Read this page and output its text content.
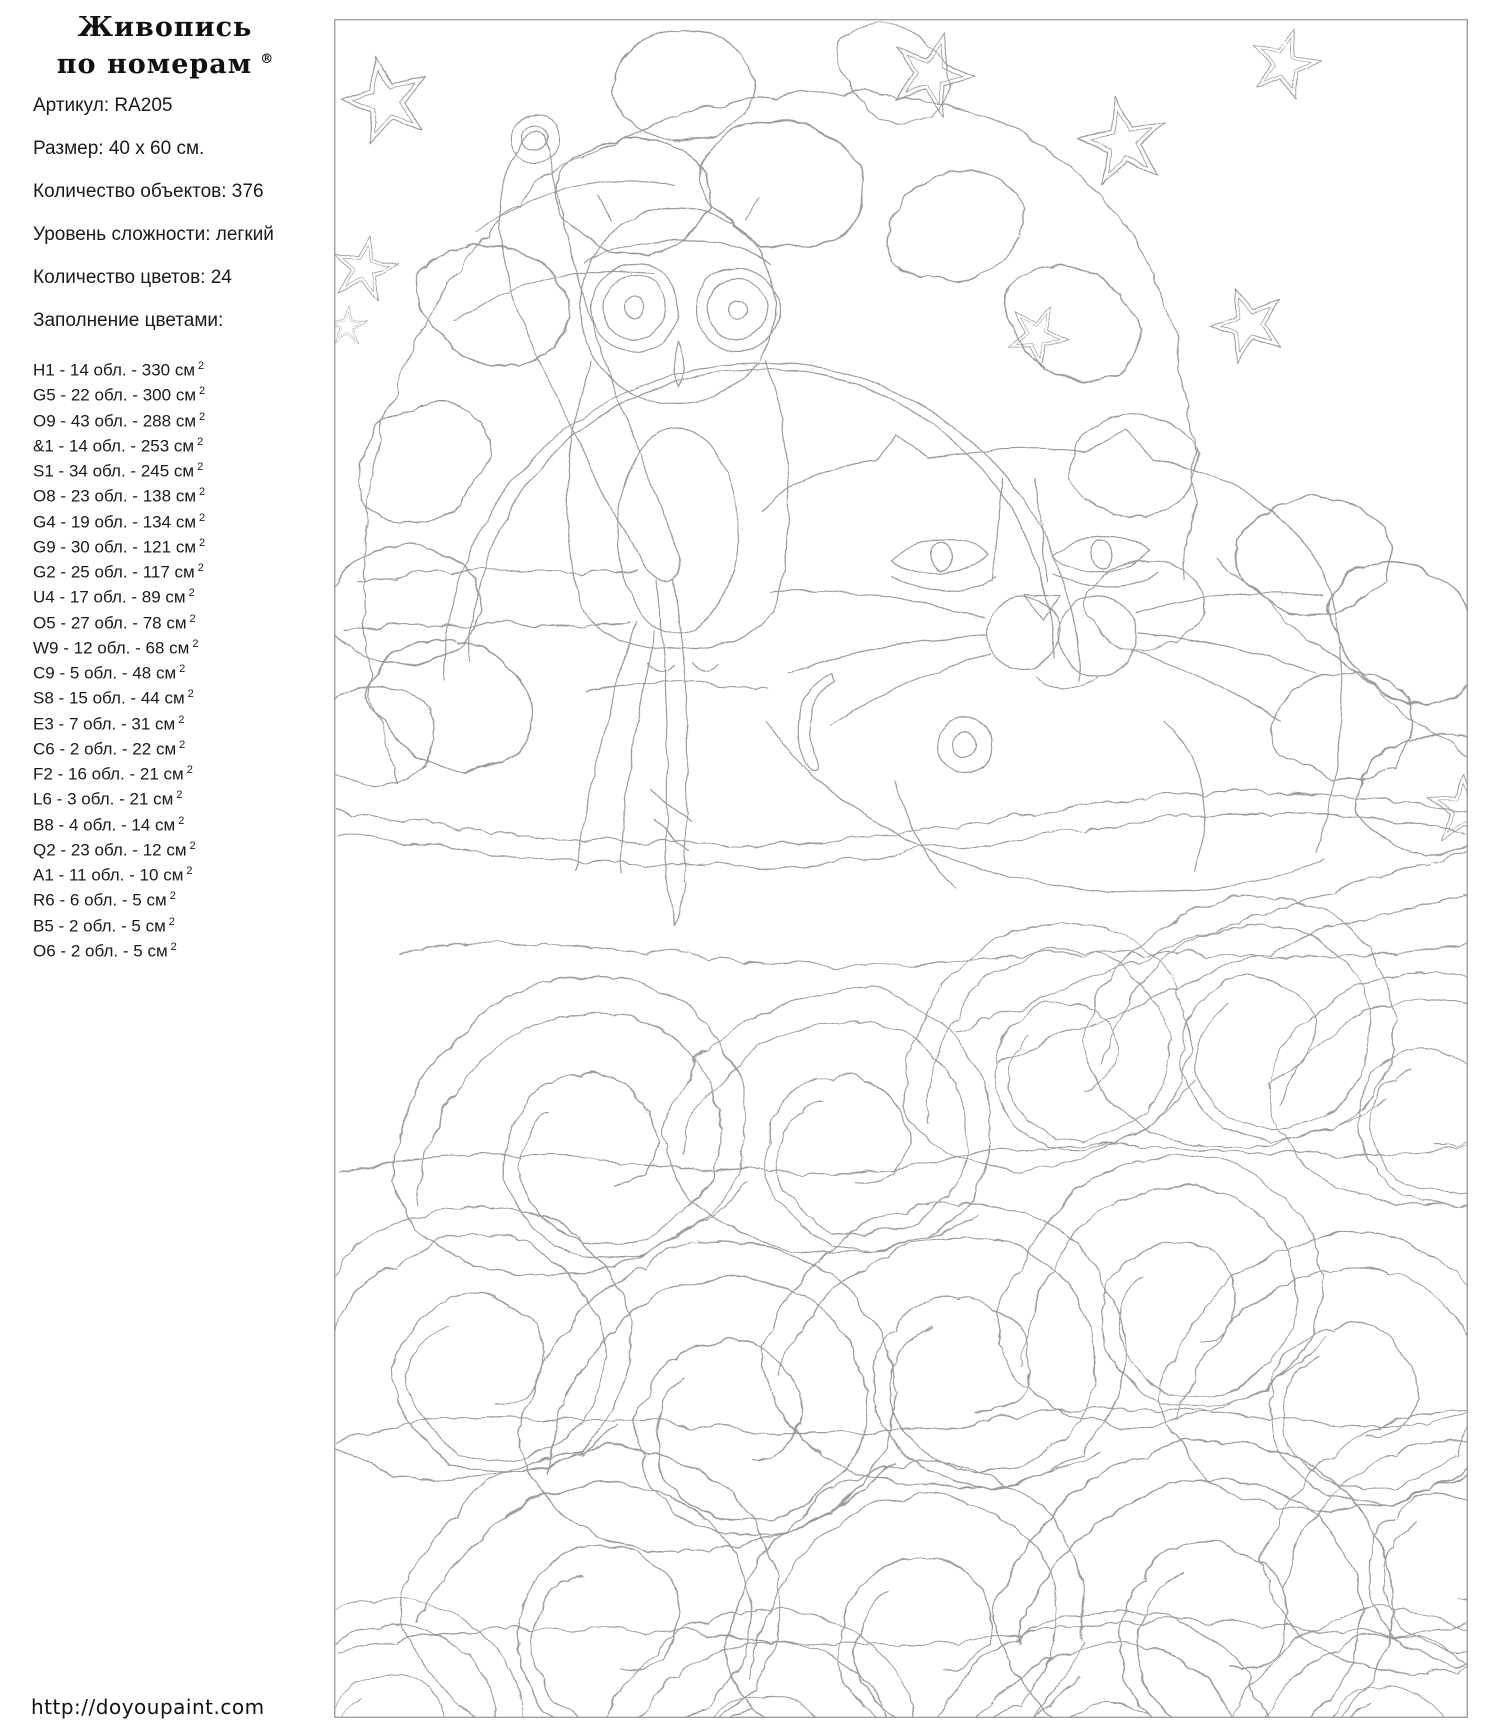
Живопись
по номерам ®
Артикул: RA205
Размер: 40 x 60 см.
Количество объектов: 376
Уровень сложности: легкий
Количество цветов: 24
Заполнение цветами:
H1 - 14 обл. - 330 см $^2$
G5 - 22 обл. - 300 см $^2$
O9 - 43 обл. - 288 см $^2$
&1 - 14 обл. - 253 см $^2$
S1 - 34 обл. - 245 см $^2$
O8 - 23 обл. - 138 см $^2$
G4 - 19 обл. - 134 см $^2$
G9 - 30 обл. - 121 см $^2$
G2 - 25 обл. - 117 см $^2$
U4 - 17 обл. - 89 см $^2$
O5 - 27 обл. - 78 см $^2$
W9 - 12 обл. - 68 см $^2$
C9 - 5 обл. - 48 см $^2$
S8 - 15 обл. - 44 см $^2$
E3 - 7 обл. - 31 см $^2$
C6 - 2 обл. - 22 см $^2$
F2 - 16 обл. - 21 см $^2$
L6 - 3 обл. - 21 см $^2$
B8 - 4 обл. - 14 см $^2$
Q2 - 23 обл. - 12 см $^2$
A1 - 11 обл. - 10 см $^2$
R6 - 6 обл. - 5 см $^2$
B5 - 2 обл. - 5 см $^2$
O6 - 2 обл. - 5 см $^2$
http://doyoupaint.com
